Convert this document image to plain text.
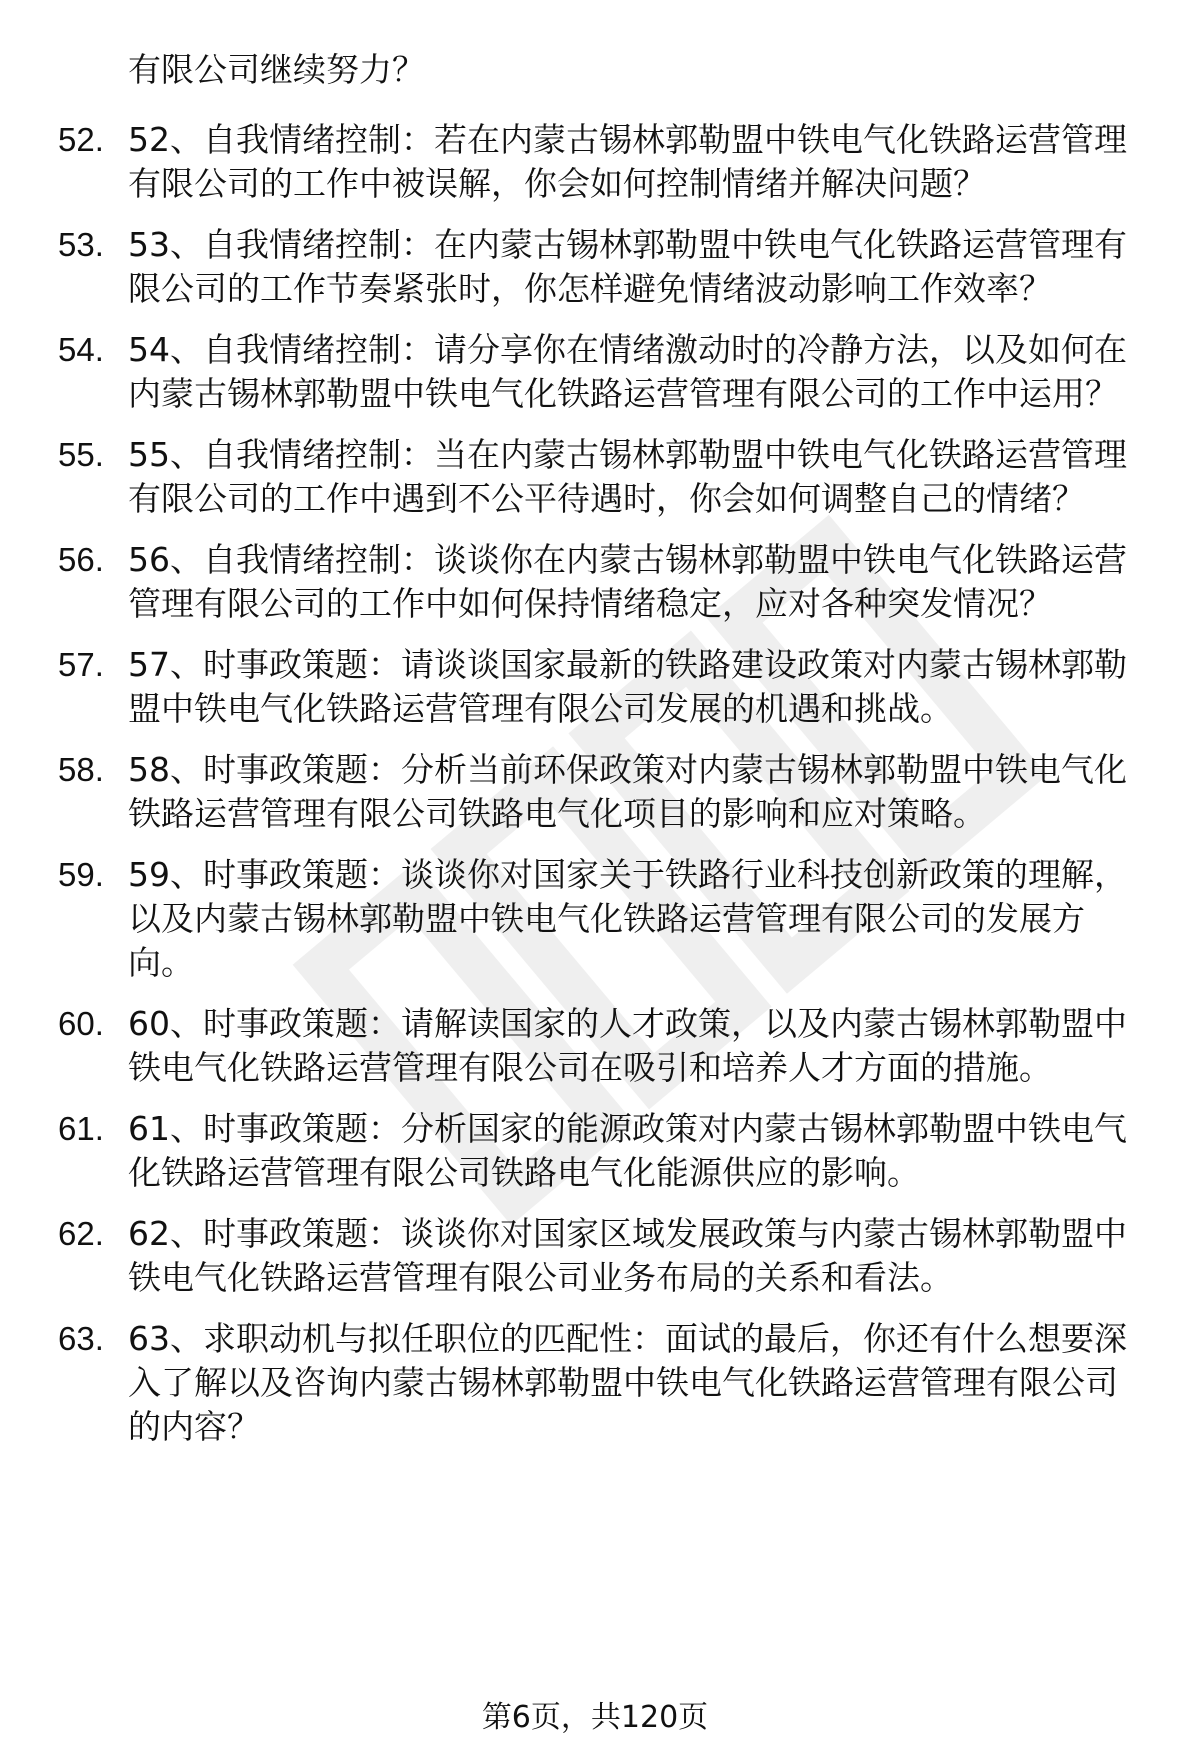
有限公司继续努力？

52. 52、自我情绪控制：若在内蒙古锡林郭勒盟中铁电气化铁路运营管理有限公司的工作中被误解，你会如何控制情绪并解决问题？
53. 53、自我情绪控制：在内蒙古锡林郭勒盟中铁电气化铁路运营管理有限公司的工作节奏紧张时，你怎样避免情绪波动影响工作效率？
54. 54、自我情绪控制：请分享你在情绪激动时的冷静方法，以及如何在内蒙古锡林郭勒盟中铁电气化铁路运营管理有限公司的工作中运用？
55. 55、自我情绪控制：当在内蒙古锡林郭勒盟中铁电气化铁路运营管理有限公司的工作中遇到不公平待遇时，你会如何调整自己的情绪？
56. 56、自我情绪控制：谈谈你在内蒙古锡林郭勒盟中铁电气化铁路运营管理有限公司的工作中如何保持情绪稳定，应对各种突发情况？
57. 57、时事政策题：请谈谈国家最新的铁路建设政策对内蒙古锡林郭勒盟中铁电气化铁路运营管理有限公司发展的机遇和挑战。
58. 58、时事政策题：分析当前环保政策对内蒙古锡林郭勒盟中铁电气化铁路运营管理有限公司铁路电气化项目的影响和应对策略。
59. 59、时事政策题：谈谈你对国家关于铁路行业科技创新政策的理解，以及内蒙古锡林郭勒盟中铁电气化铁路运营管理有限公司的发展方向。
60. 60、时事政策题：请解读国家的人才政策，以及内蒙古锡林郭勒盟中铁电气化铁路运营管理有限公司在吸引和培养人才方面的措施。
61. 61、时事政策题：分析国家的能源政策对内蒙古锡林郭勒盟中铁电气化铁路运营管理有限公司铁路电气化能源供应的影响。
62. 62、时事政策题：谈谈你对国家区域发展政策与内蒙古锡林郭勒盟中铁电气化铁路运营管理有限公司业务布局的关系和看法。
63. 63、求职动机与拟任职位的匹配性：面试的最后，你还有什么想要深入了解以及咨询内蒙古锡林郭勒盟中铁电气化铁路运营管理有限公司的内容？
第6页，共120页
